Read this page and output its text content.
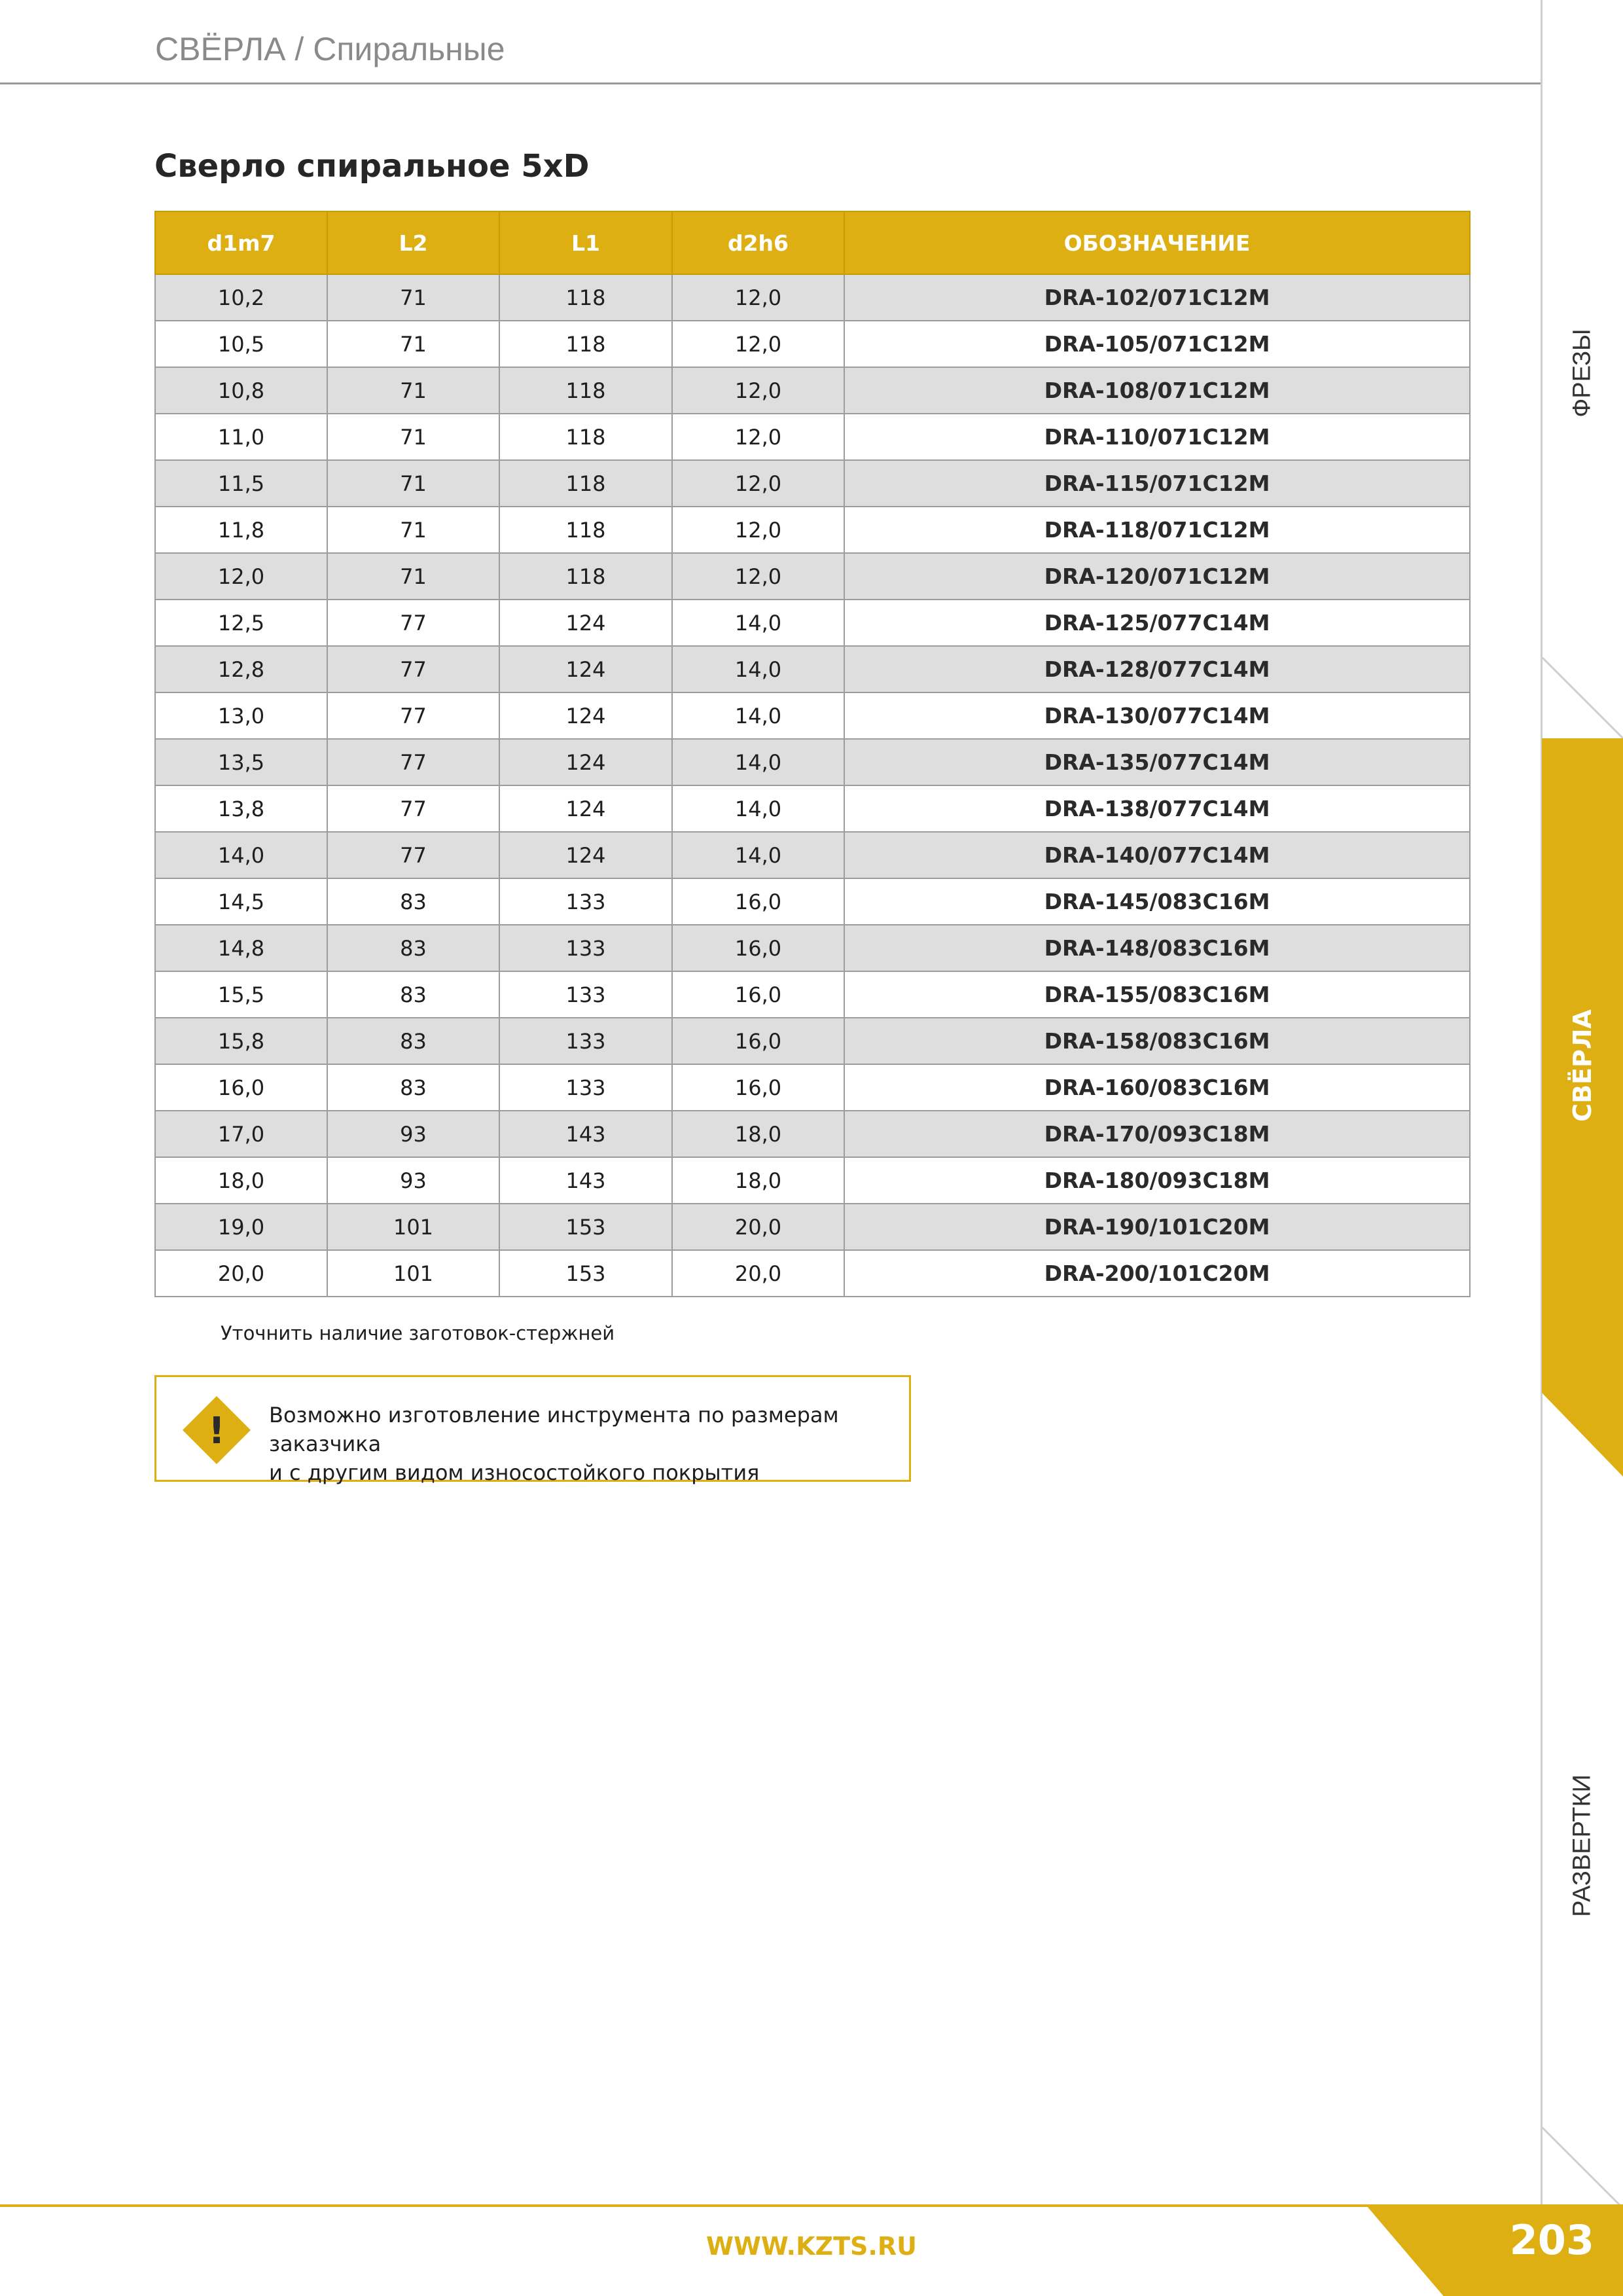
СВЁРЛА / Спиральные
ФРЕЗЫ
СВЁРЛА
РАЗВЕРТКИ
Сверло спиральное 5xD
d1m7	L2	L1	d2h6	ОБОЗНАЧЕНИЕ
10,2	71	118	12,0	DRA-102/071C12M
10,5	71	118	12,0	DRA-105/071C12M
10,8	71	118	12,0	DRA-108/071C12M
11,0	71	118	12,0	DRA-110/071C12M
11,5	71	118	12,0	DRA-115/071C12M
11,8	71	118	12,0	DRA-118/071C12M
12,0	71	118	12,0	DRA-120/071C12M
12,5	77	124	14,0	DRA-125/077C14M
12,8	77	124	14,0	DRA-128/077C14M
13,0	77	124	14,0	DRA-130/077C14M
13,5	77	124	14,0	DRA-135/077C14M
13,8	77	124	14,0	DRA-138/077C14M
14,0	77	124	14,0	DRA-140/077C14M
14,5	83	133	16,0	DRA-145/083C16M
14,8	83	133	16,0	DRA-148/083C16M
15,5	83	133	16,0	DRA-155/083C16M
15,8	83	133	16,0	DRA-158/083C16M
16,0	83	133	16,0	DRA-160/083C16M
17,0	93	143	18,0	DRA-170/093C18M
18,0	93	143	18,0	DRA-180/093C18M
19,0	101	153	20,0	DRA-190/101C20M
20,0	101	153	20,0	DRA-200/101C20M
Уточнить наличие заготовок-стержней
! Возможно изготовление инструмента по размерам заказчика
и с другим видом износостойкого покрытия
WWW.KZTS.RU	203
